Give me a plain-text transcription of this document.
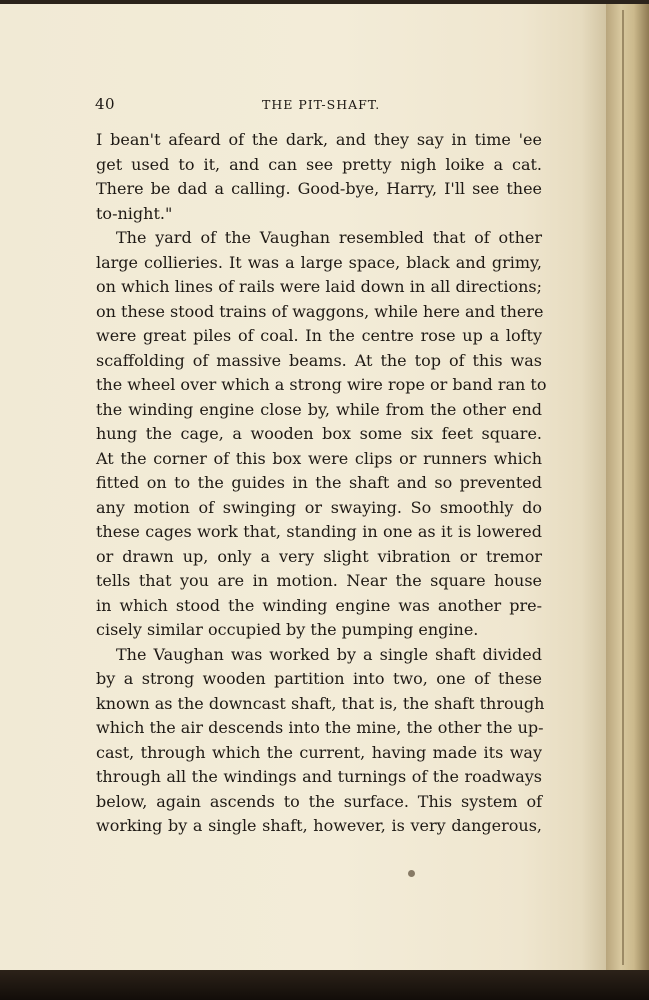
40	THE PIT-SHAFT.
I bean't afeard of the dark, and they say in time 'ee
get used to it, and can see pretty nigh loike a cat.
There be dad a calling. Good-bye, Harry, I'll see thee
to-night."
The yard of the Vaughan resembled that of other
large collieries. It was a large space, black and grimy,
on which lines of rails were laid down in all directions;
on these stood trains of waggons, while here and there
were great piles of coal. In the centre rose up a lofty
scaffolding of massive beams. At the top of this was
the wheel over which a strong wire rope or band ran to
the winding engine close by, while from the other end
hung the cage, a wooden box some six feet square.
At the corner of this box were clips or runners which
fitted on to the guides in the shaft and so prevented
any motion of swinging or swaying. So smoothly do
these cages work that, standing in one as it is lowered
or drawn up, only a very slight vibration or tremor
tells that you are in motion. Near the square house
in which stood the winding engine was another pre-
cisely similar occupied by the pumping engine.
The Vaughan was worked by a single shaft divided
by a strong wooden partition into two, one of these
known as the downcast shaft, that is, the shaft through
which the air descends into the mine, the other the up-
cast, through which the current, having made its way
through all the windings and turnings of the roadways
below, again ascends to the surface. This system of
working by a single shaft, however, is very dangerous,
